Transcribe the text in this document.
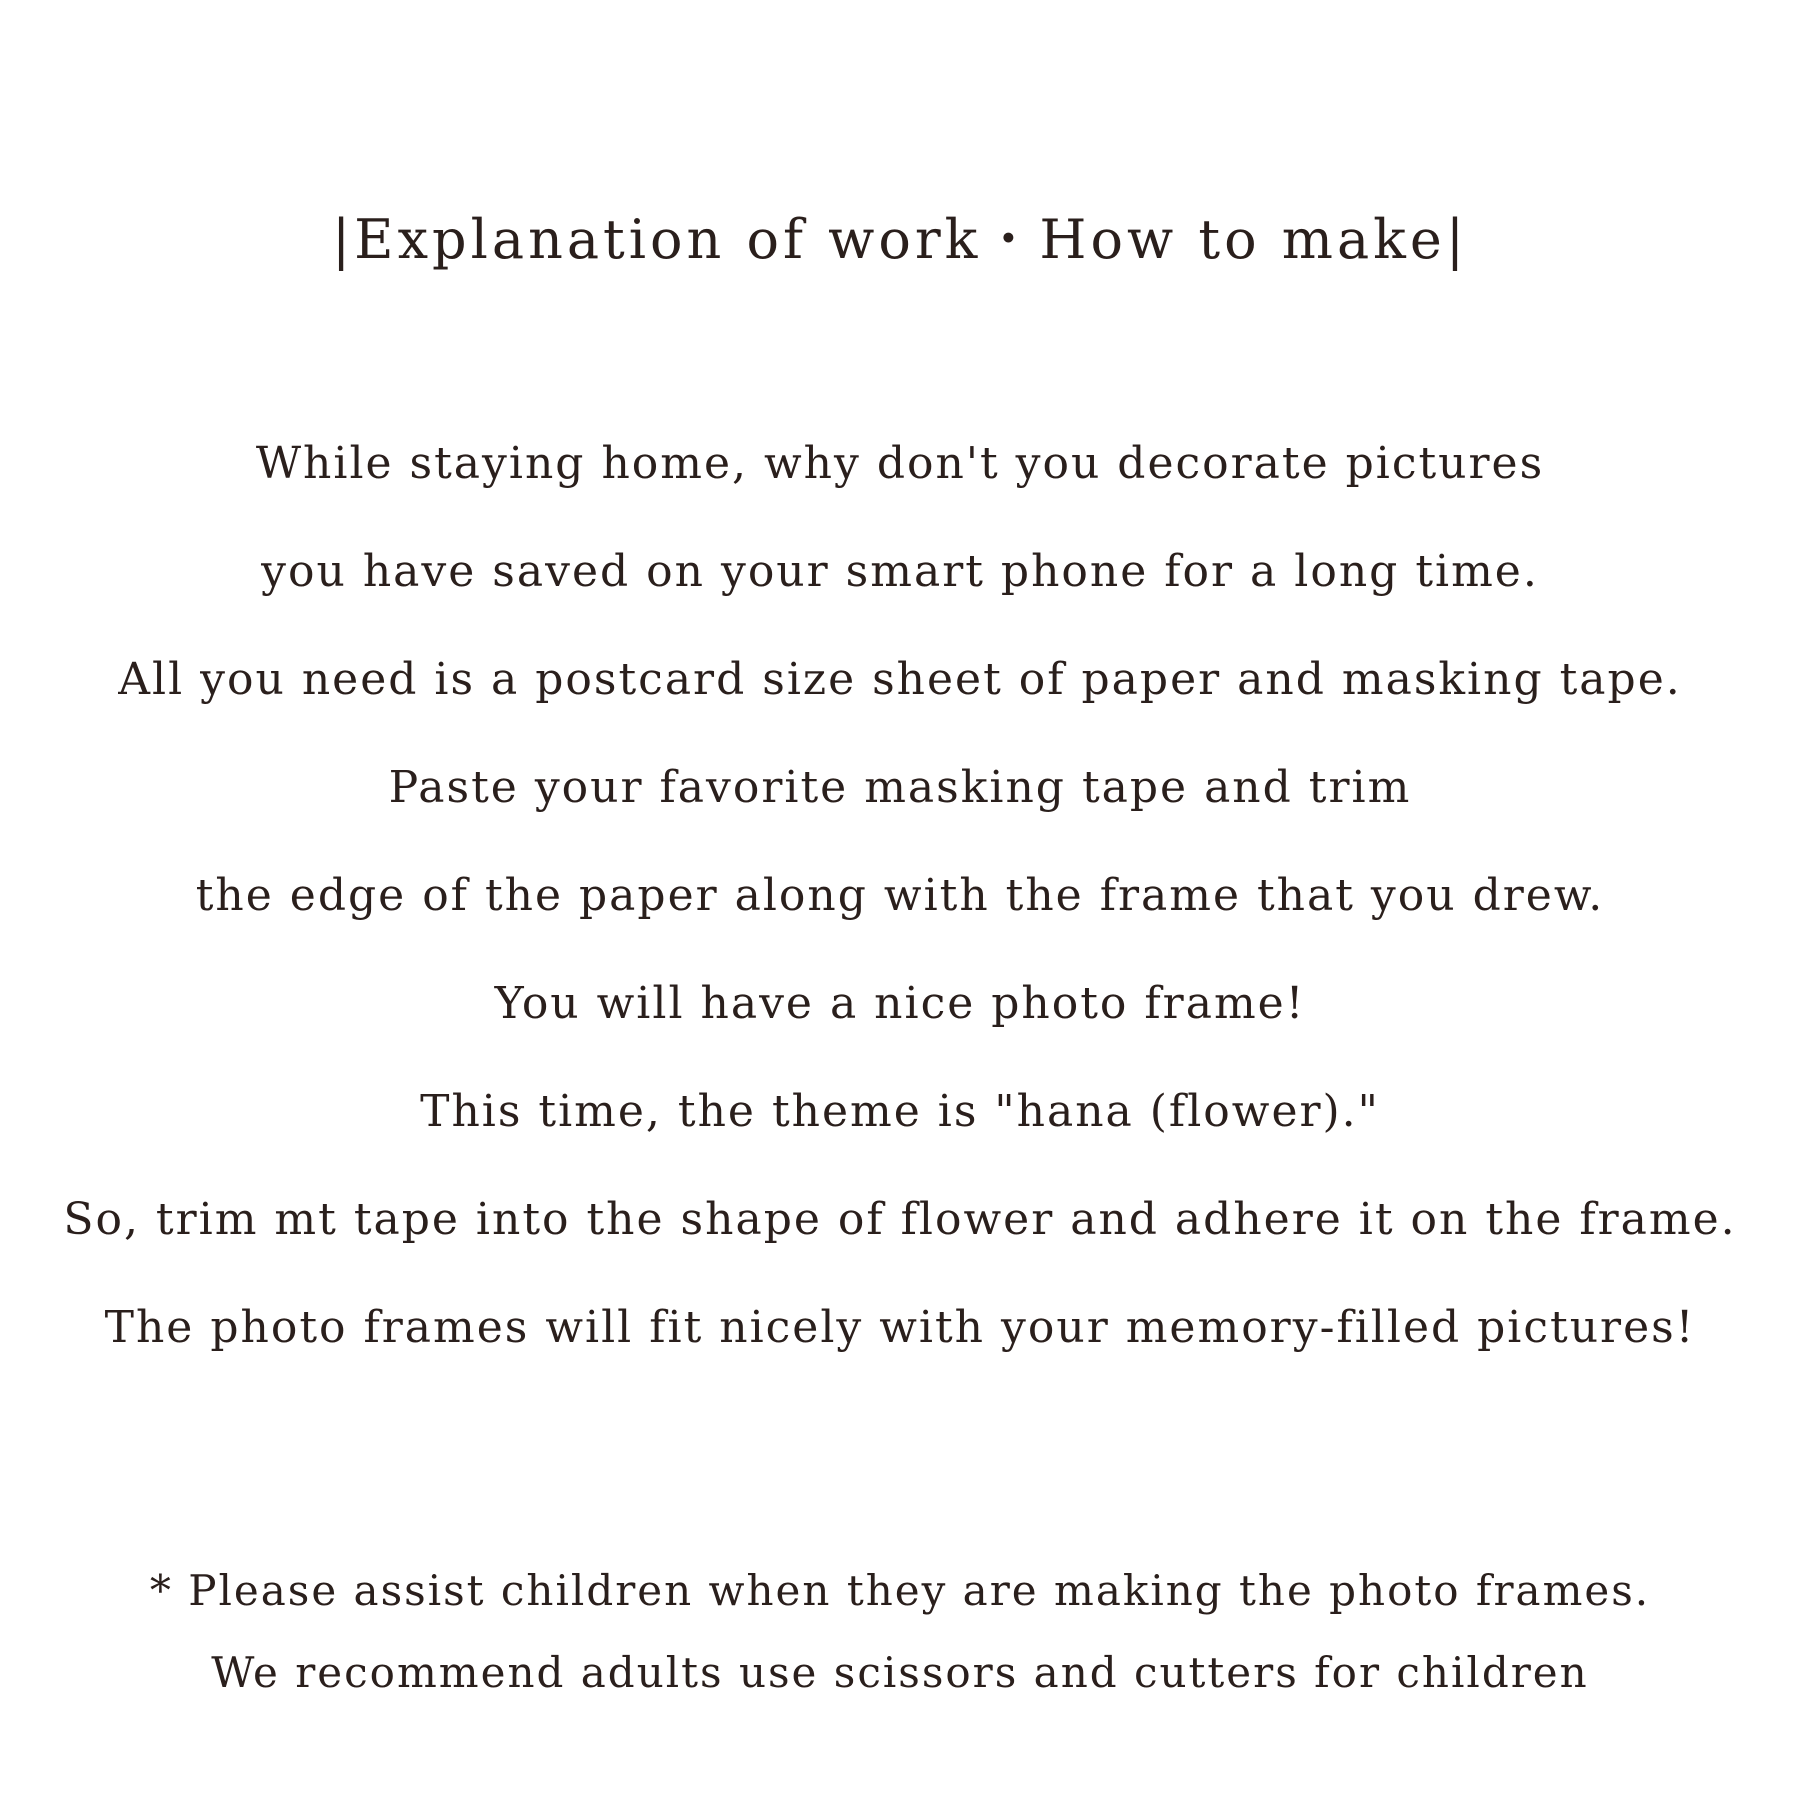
|Explanation of work・How to make|
While staying home, why don't you decorate pictures
you have saved on your smart phone for a long time.
All you need is a postcard size sheet of paper and masking tape.
Paste your favorite masking tape and trim
the edge of the paper along with the frame that you drew.
You will have a nice photo frame!
This time, the theme is "hana (flower)."
So, trim mt tape into the shape of flower and adhere it on the frame.
The photo frames will fit nicely with your memory-filled pictures!
* Please assist children when they are making the photo frames.
We recommend adults use scissors and cutters for children
